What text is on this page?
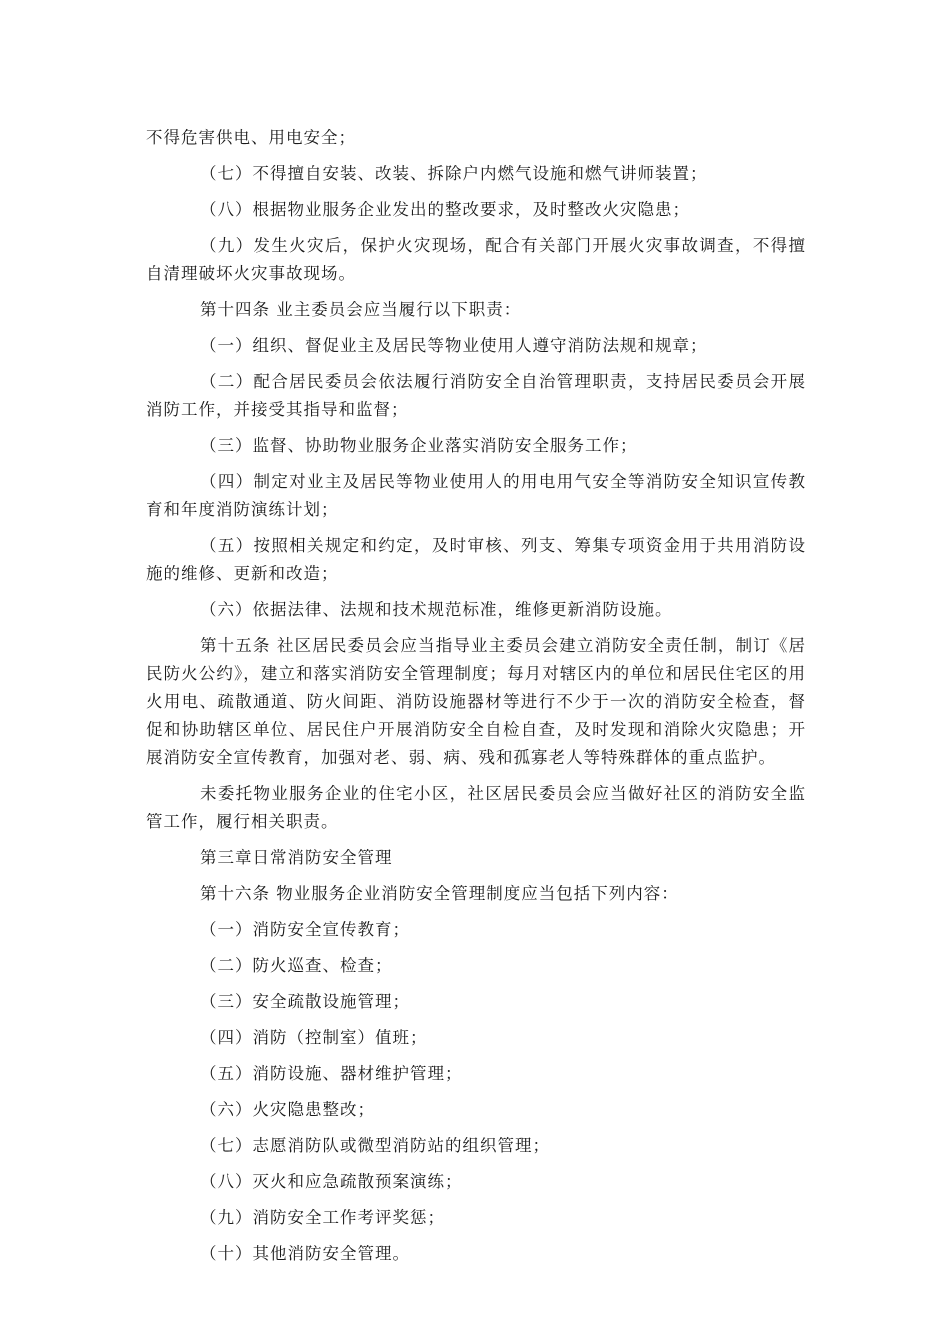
不得危害供电、用电安全；

（七）不得擅自安装、改装、拆除户内燃气设施和燃气讲师装置；

（八）根据物业服务企业发出的整改要求，及时整改火灾隐患；

（九）发生火灾后，保护火灾现场，配合有关部门开展火灾事故调查，不得擅自清理破坏火灾事故现场。

第十四条 业主委员会应当履行以下职责：

（一）组织、督促业主及居民等物业使用人遵守消防法规和规章；

（二）配合居民委员会依法履行消防安全自治管理职责，支持居民委员会开展消防工作，并接受其指导和监督；

（三）监督、协助物业服务企业落实消防安全服务工作；

（四）制定对业主及居民等物业使用人的用电用气安全等消防安全知识宣传教育和年度消防演练计划；

（五）按照相关规定和约定，及时审核、列支、筹集专项资金用于共用消防设施的维修、更新和改造；

（六）依据法律、法规和技术规范标准，维修更新消防设施。

第十五条 社区居民委员会应当指导业主委员会建立消防安全责任制，制订《居民防火公约》，建立和落实消防安全管理制度；每月对辖区内的单位和居民住宅区的用火用电、疏散通道、防火间距、消防设施器材等进行不少于一次的消防安全检查，督促和协助辖区单位、居民住户开展消防安全自检自查，及时发现和消除火灾隐患；开展消防安全宣传教育，加强对老、弱、病、残和孤寡老人等特殊群体的重点监护。

未委托物业服务企业的住宅小区，社区居民委员会应当做好社区的消防安全监管工作，履行相关职责。

第三章日常消防安全管理

第十六条 物业服务企业消防安全管理制度应当包括下列内容：

（一）消防安全宣传教育；

（二）防火巡查、检查；

（三）安全疏散设施管理；

（四）消防（控制室）值班；

（五）消防设施、器材维护管理；

（六）火灾隐患整改；

（七）志愿消防队或微型消防站的组织管理；

（八）灭火和应急疏散预案演练；

（九）消防安全工作考评奖惩；

（十）其他消防安全管理。
